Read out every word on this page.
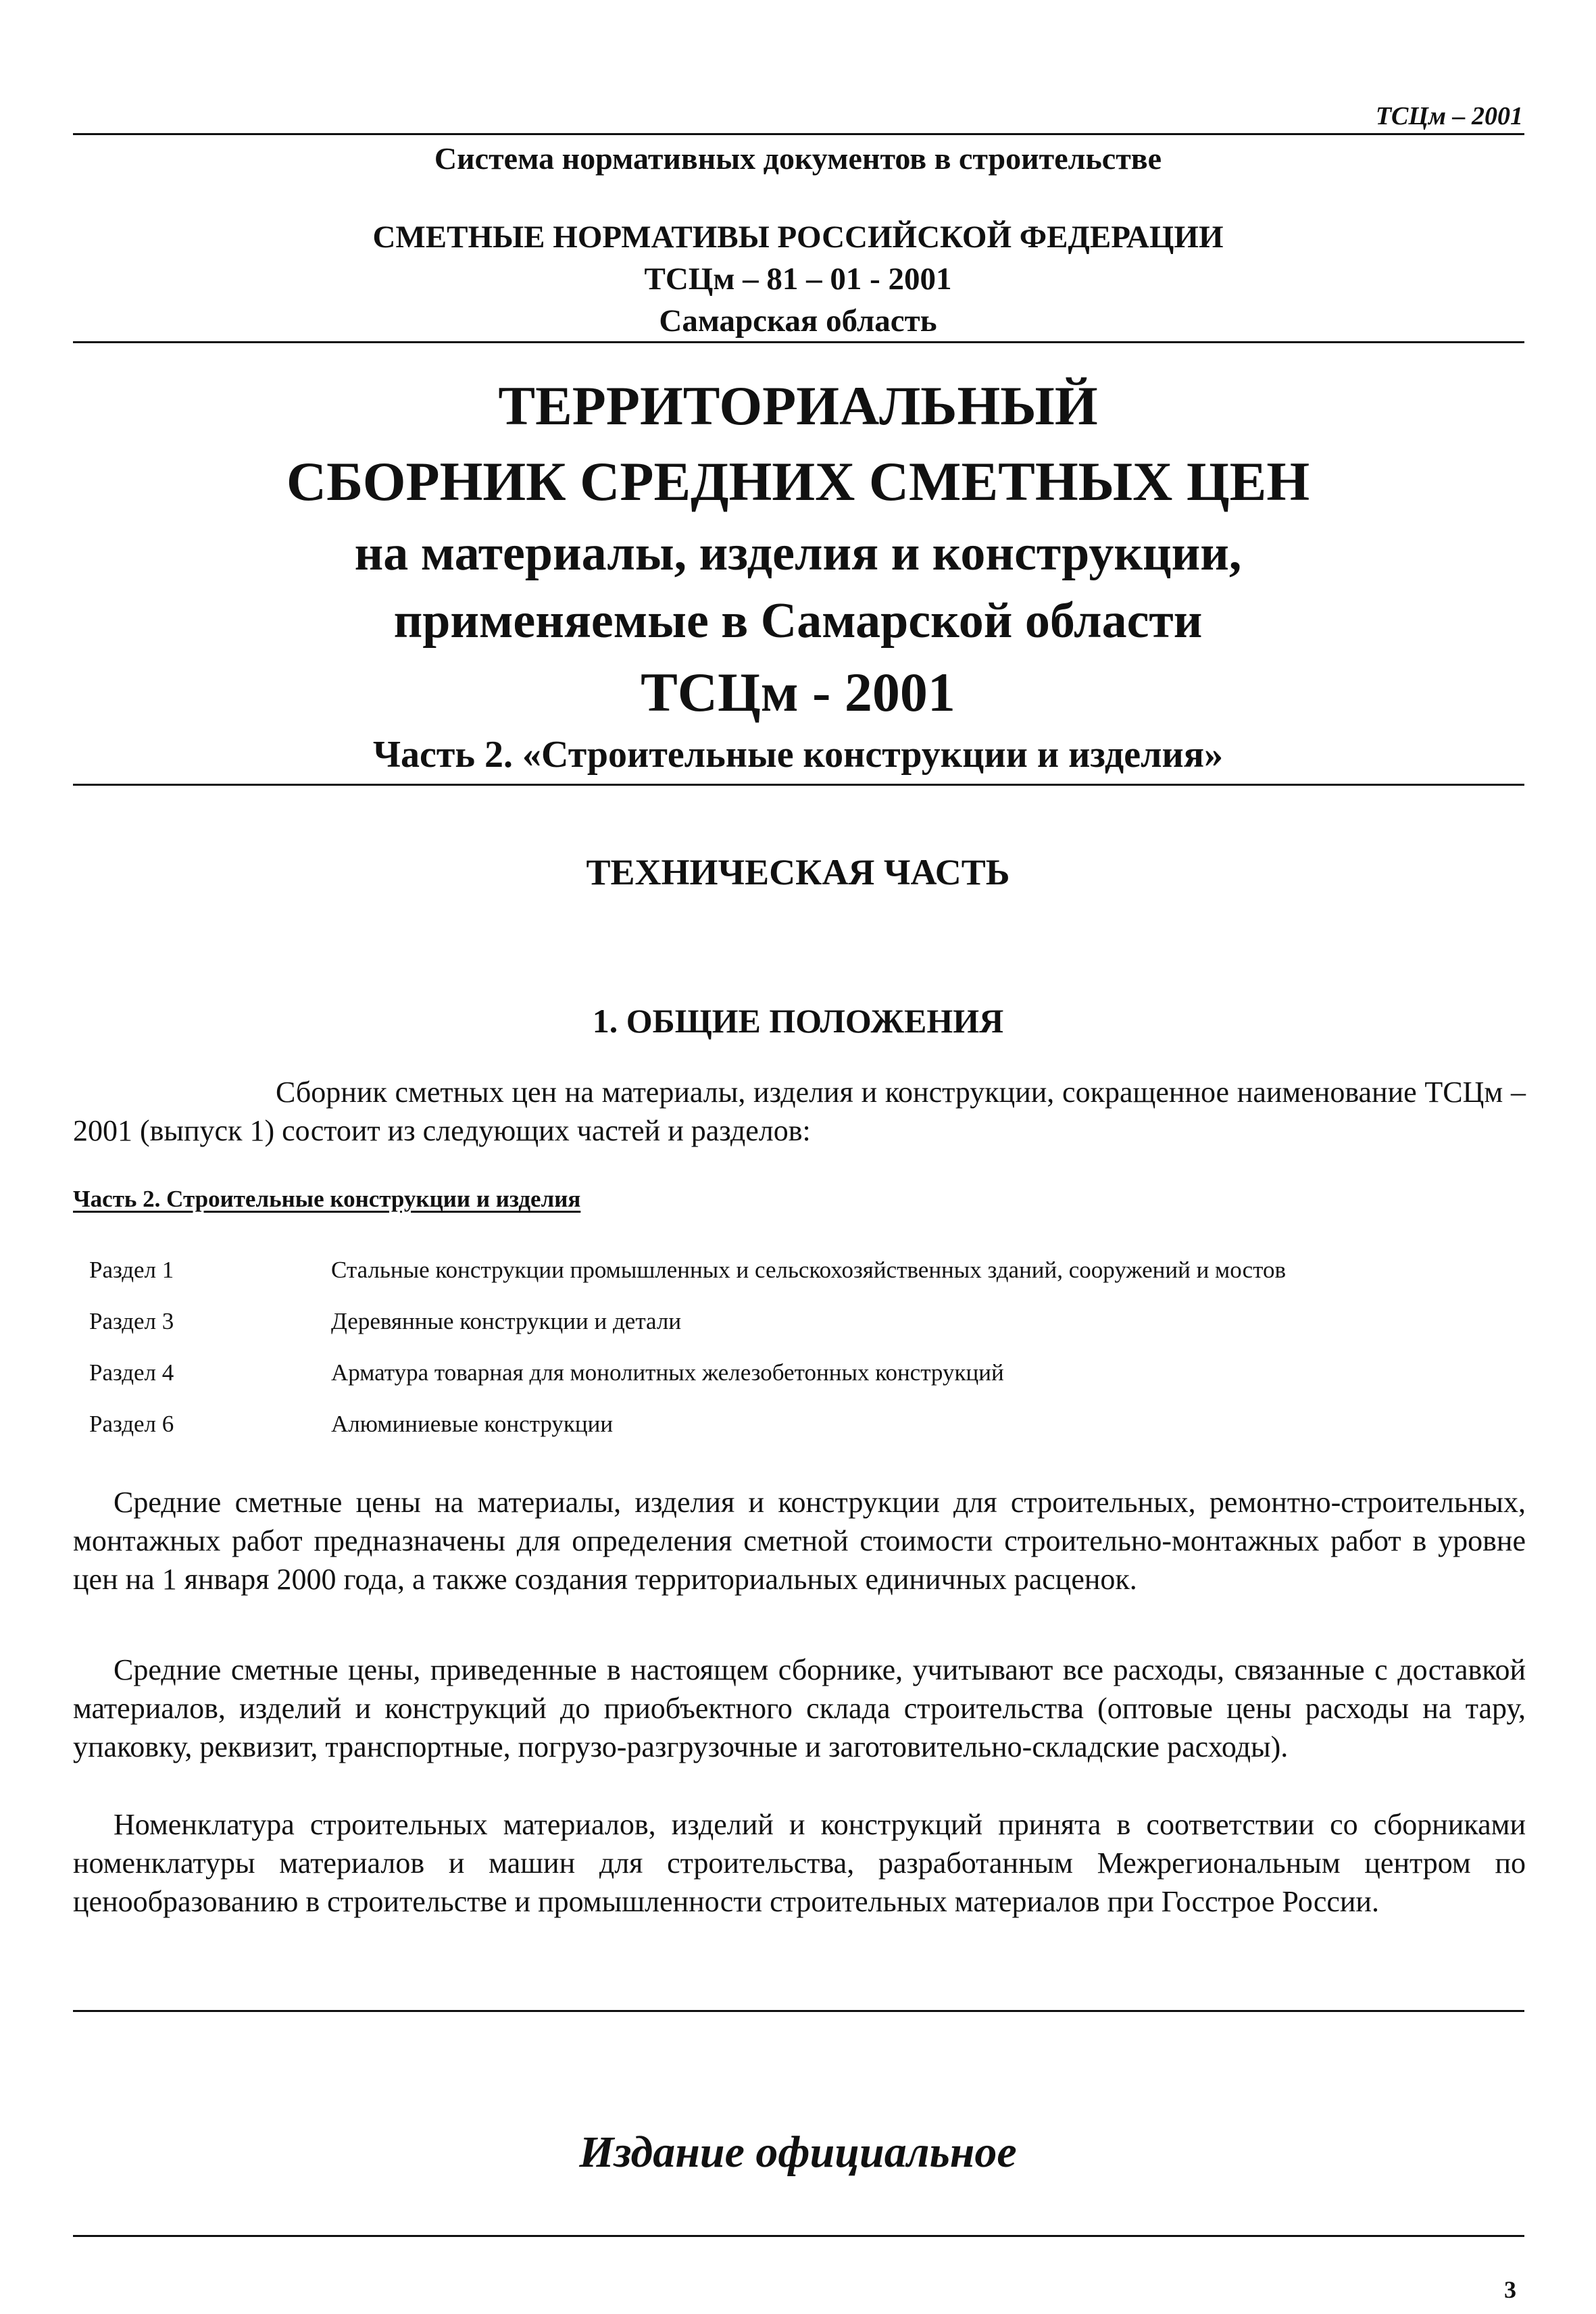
ТСЦм – 2001
Система нормативных документов в строительстве
СМЕТНЫЕ НОРМАТИВЫ РОССИЙСКОЙ ФЕДЕРАЦИИ
ТСЦм – 81 – 01 - 2001
Самарская область
ТЕРРИТОРИАЛЬНЫЙ
СБОРНИК СРЕДНИХ СМЕТНЫХ ЦЕН
на материалы, изделия и конструкции,
применяемые в Самарской области
ТСЦм - 2001
Часть 2. «Строительные конструкции и изделия»
ТЕХНИЧЕСКАЯ ЧАСТЬ
1. ОБЩИЕ ПОЛОЖЕНИЯ
Сборник сметных цен на материалы, изделия и конструкции, сокращенное наименование ТСЦм –2001 (выпуск 1) состоит из следующих частей и разделов:
Часть 2. Строительные конструкции и изделия
Раздел 1	Стальные конструкции промышленных и сельскохозяйственных зданий, сооружений и мостов
Раздел 3	Деревянные конструкции и детали
Раздел 4	Арматура товарная для монолитных железобетонных конструкций
Раздел 6	Алюминиевые конструкции
Средние сметные цены на материалы, изделия и конструкции для строительных, ремонтно-строительных, монтажных работ предназначены для определения сметной стоимости строительно-монтажных работ в уровне цен на 1 января 2000 года, а также создания территориальных единичных расценок.
Средние сметные цены, приведенные в настоящем сборнике, учитывают все расходы, связанные с доставкой материалов, изделий и конструкций до приобъектного склада строительства (оптовые цены расходы на тару, упаковку, реквизит, транспортные, погрузо-разгрузочные и заготовительно-складские расходы).
Номенклатура строительных материалов, изделий и конструкций принята в соответствии со сборниками номенклатуры материалов и машин для строительства, разработанным Межрегиональным центром по ценообразованию в строительстве и промышленности строительных материалов при Госстрое России.
Издание официальное
3
